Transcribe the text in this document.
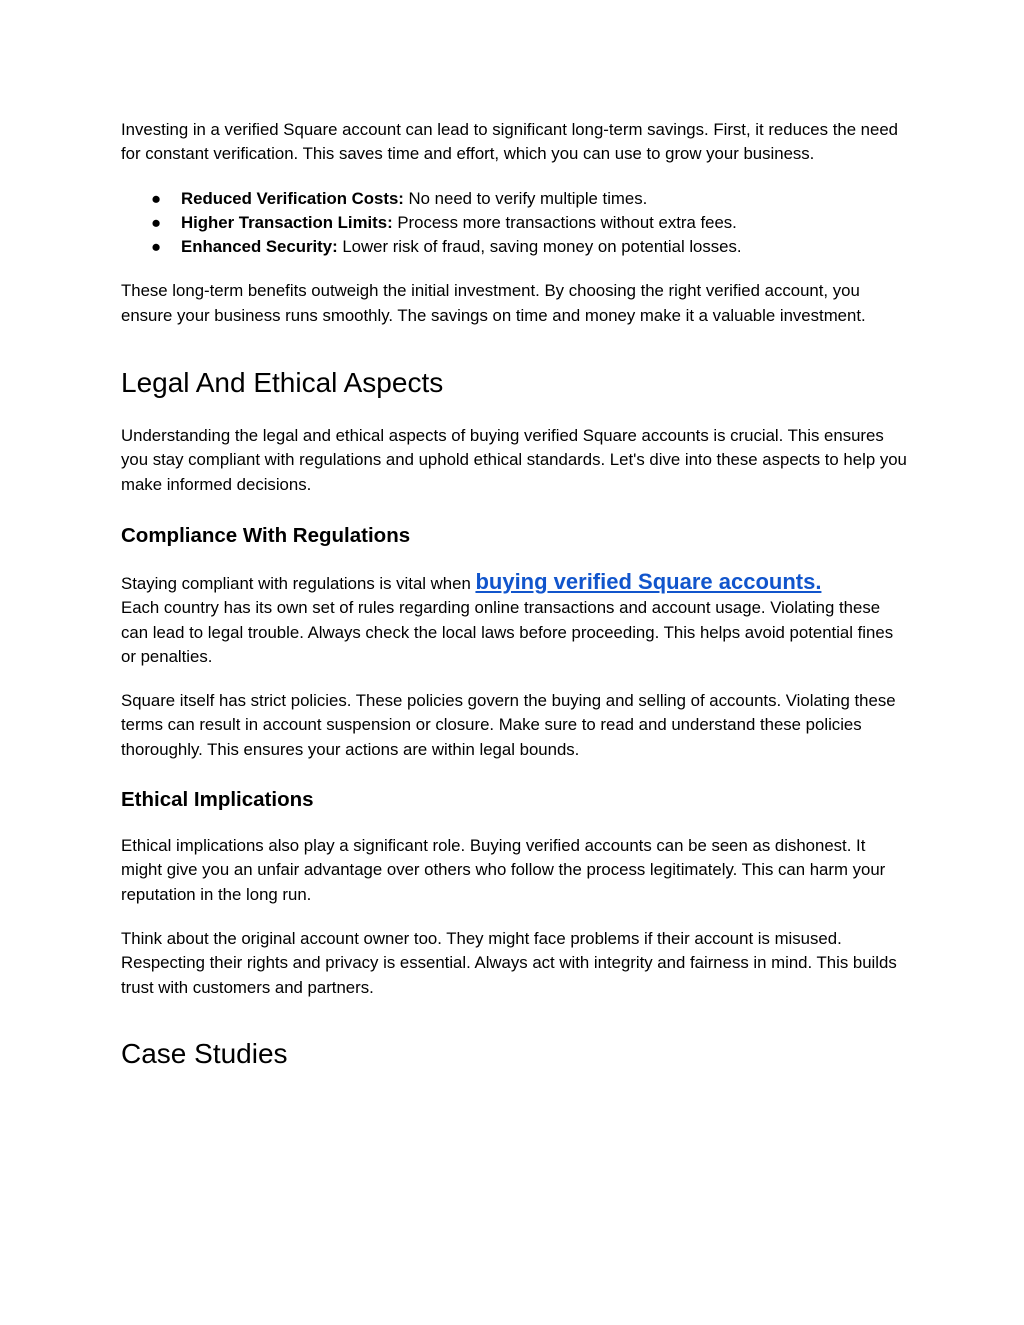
Investing in a verified Square account can lead to significant long-term savings. First, it reduces the need for constant verification. This saves time and effort, which you can use to grow your business.

● Reduced Verification Costs: No need to verify multiple times.
● Higher Transaction Limits: Process more transactions without extra fees.
● Enhanced Security: Lower risk of fraud, saving money on potential losses.

These long-term benefits outweigh the initial investment. By choosing the right verified account, you ensure your business runs smoothly. The savings on time and money make it a valuable investment.

Legal And Ethical Aspects

Understanding the legal and ethical aspects of buying verified Square accounts is crucial. This ensures you stay compliant with regulations and uphold ethical standards. Let's dive into these aspects to help you make informed decisions.

Compliance With Regulations

Staying compliant with regulations is vital when buying verified Square accounts.
Each country has its own set of rules regarding online transactions and account usage. Violating these can lead to legal trouble. Always check the local laws before proceeding. This helps avoid potential fines or penalties.

Square itself has strict policies. These policies govern the buying and selling of accounts. Violating these terms can result in account suspension or closure. Make sure to read and understand these policies thoroughly. This ensures your actions are within legal bounds.

Ethical Implications

Ethical implications also play a significant role. Buying verified accounts can be seen as dishonest. It might give you an unfair advantage over others who follow the process legitimately. This can harm your reputation in the long run.

Think about the original account owner too. They might face problems if their account is misused. Respecting their rights and privacy is essential. Always act with integrity and fairness in mind. This builds trust with customers and partners.

Case Studies
